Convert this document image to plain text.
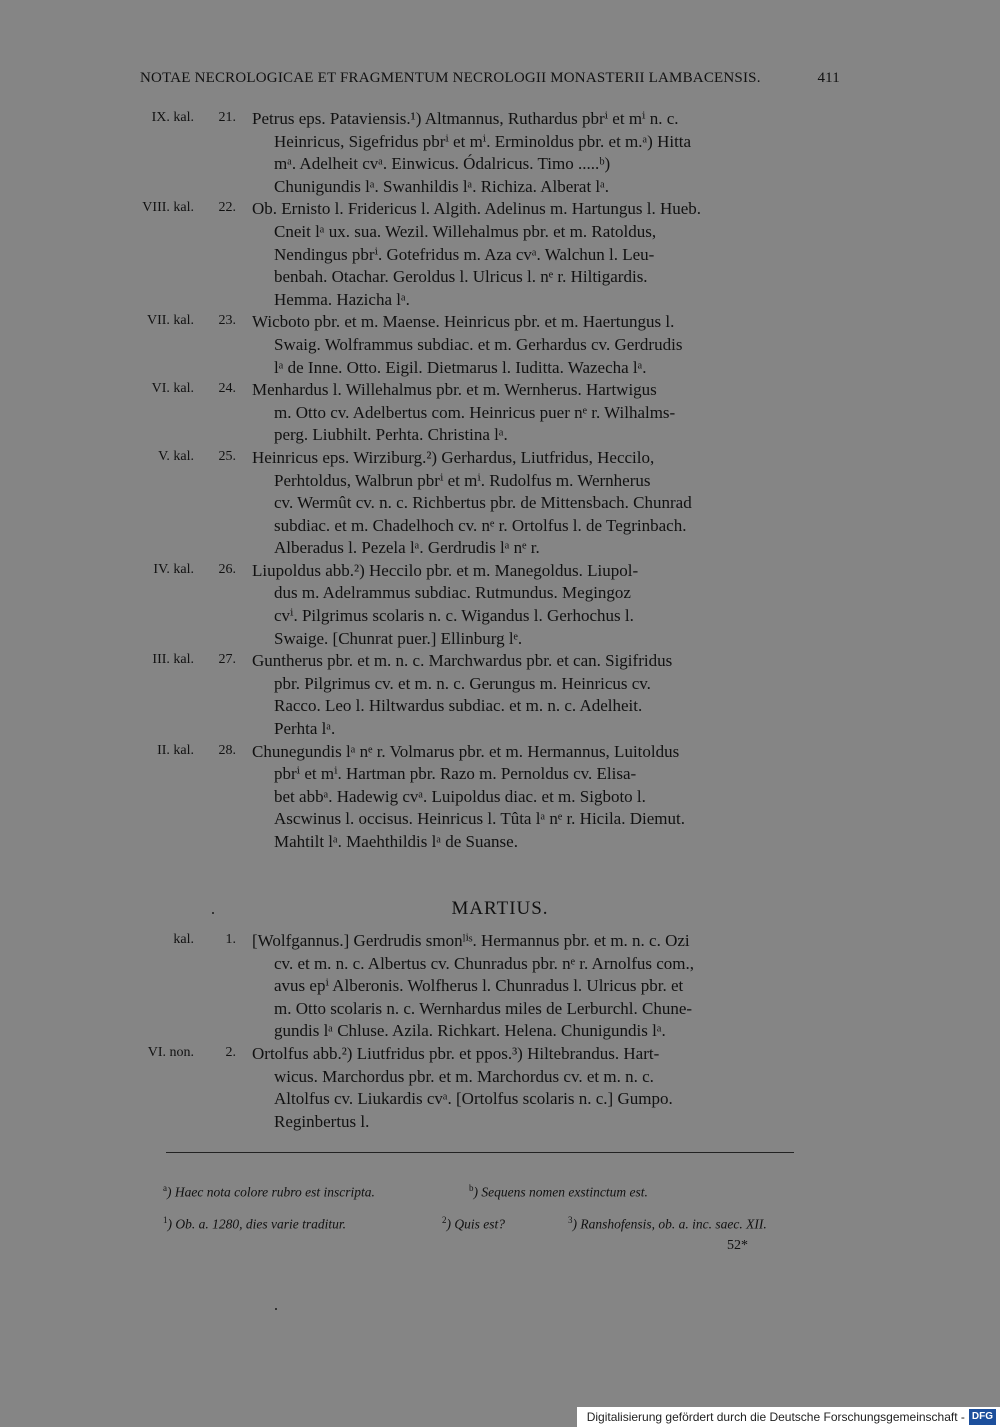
NOTAE NECROLOGICAE ET FRAGMENTUM NECROLOGII MONASTERII LAMBACENSIS.	411
IX. kal.	21. Petrus eps. Pataviensis.¹) Altmannus, Ruthardus pbrⁱ et mⁱ n. c.
Heinricus, Sigefridus pbrⁱ et mⁱ. Erminoldus pbr. et m.ᵃ) Hitta
mᵃ. Adelheit cvᵃ. Einwicus. Ódalricus. Timo .....ᵇ)
Chunigundis lᵃ. Swanhildis lᵃ. Richiza. Alberat lᵃ.
VIII. kal.	22. Ob. Ernisto l. Fridericus l. Algith. Adelinus m. Hartungus l. Hueb.
Cneit lᵃ ux. sua. Wezil. Willehalmus pbr. et m. Ratoldus,
Nendingus pbrⁱ. Gotefridus m. Aza cvᵃ. Walchun l. Leu-
benbah. Otachar. Geroldus l. Ulricus l. nᵉ r. Hiltigardis.
Hemma. Hazicha lᵃ.
VII. kal.	23. Wicboto pbr. et m. Maense. Heinricus pbr. et m. Haertungus l.
Swaig. Wolframmus subdiac. et m. Gerhardus cv. Gerdrudis
lᵃ de Inne. Otto. Eigil. Dietmarus l. Iuditta. Wazecha lᵃ.
VI. kal.	24. Menhardus l. Willehalmus pbr. et m. Wernherus. Hartwigus
m. Otto cv. Adelbertus com. Heinricus puer nᵉ r. Wilhalms-
perg. Liubhilt. Perhta. Christina lᵃ.
V. kal.	25. Heinricus eps. Wirziburg.²) Gerhardus, Liutfridus, Heccilo,
Perhtoldus, Walbrun pbrⁱ et mⁱ. Rudolfus m. Wernherus
cv. Wermût cv. n. c. Richbertus pbr. de Mittensbach. Chunrad
subdiac. et m. Chadelhoch cv. nᵉ r. Ortolfus l. de Tegrinbach.
Alberadus l. Pezela lᵃ. Gerdrudis lᵃ nᵉ r.
IV. kal.	26. Liupoldus abb.²) Heccilo pbr. et m. Manegoldus. Liupol-
dus m. Adelrammus subdiac. Rutmundus. Megingoz
cvⁱ. Pilgrimus scolaris n. c. Wigandus l. Gerhochus l.
Swaige. [Chunrat puer.] Ellinburg lᵉ.
III. kal.	27. Guntherus pbr. et m. n. c. Marchwardus pbr. et can. Sigifridus
pbr. Pilgrimus cv. et m. n. c. Gerungus m. Heinricus cv.
Racco. Leo l. Hiltwardus subdiac. et m. n. c. Adelheit.
Perhta lᵃ.
II. kal.	28. Chunegundis lᵃ nᵉ r. Volmarus pbr. et m. Hermannus, Luitoldus
pbrⁱ et mⁱ. Hartman pbr. Razo m. Pernoldus cv. Elisa-
bet abbᵃ. Hadewig cvᵃ. Luipoldus diac. et m. Sigboto l.
Ascwinus l. occisus. Heinricus l. Tûta lᵃ nᵉ r. Hicila. Diemut.
Mahtilt lᵃ. Maehthildis lᵃ de Suanse.
MARTIUS.
kal.	1. [Wolfgannus.] Gerdrudis smonˡⁱˢ. Hermannus pbr. et m. n. c. Ozi
cv. et m. n. c. Albertus cv. Chunradus pbr. nᵉ r. Arnolfus com.,
avus epⁱ Alberonis. Wolfherus l. Chunradus l. Ulricus pbr. et
m. Otto scolaris n. c. Wernhardus miles de Lerburchl. Chune-
gundis lᵃ Chluse. Azila. Richkart. Helena. Chunigundis lᵃ.
VI. non.	2. Ortolfus abb.²) Liutfridus pbr. et ppos.³) Hiltebrandus. Hart-
wicus. Marchordus pbr. et m. Marchordus cv. et m. n. c.
Altolfus cv. Liukardis cvᵃ. [Ortolfus scolaris n. c.] Gumpo.
Reginbertus l.
$^a$) Haec nota colore rubro est inscripta.	$^b$) Sequens nomen exstinctum est.
$^1$) Ob. a. 1280, dies varie traditur.	$^2$) Quis est?	$^3$) Ranshofensis, ob. a. inc. saec. XII.
52*
Digitalisierung gefördert durch die Deutsche Forschungsgemeinschaft - DFG
